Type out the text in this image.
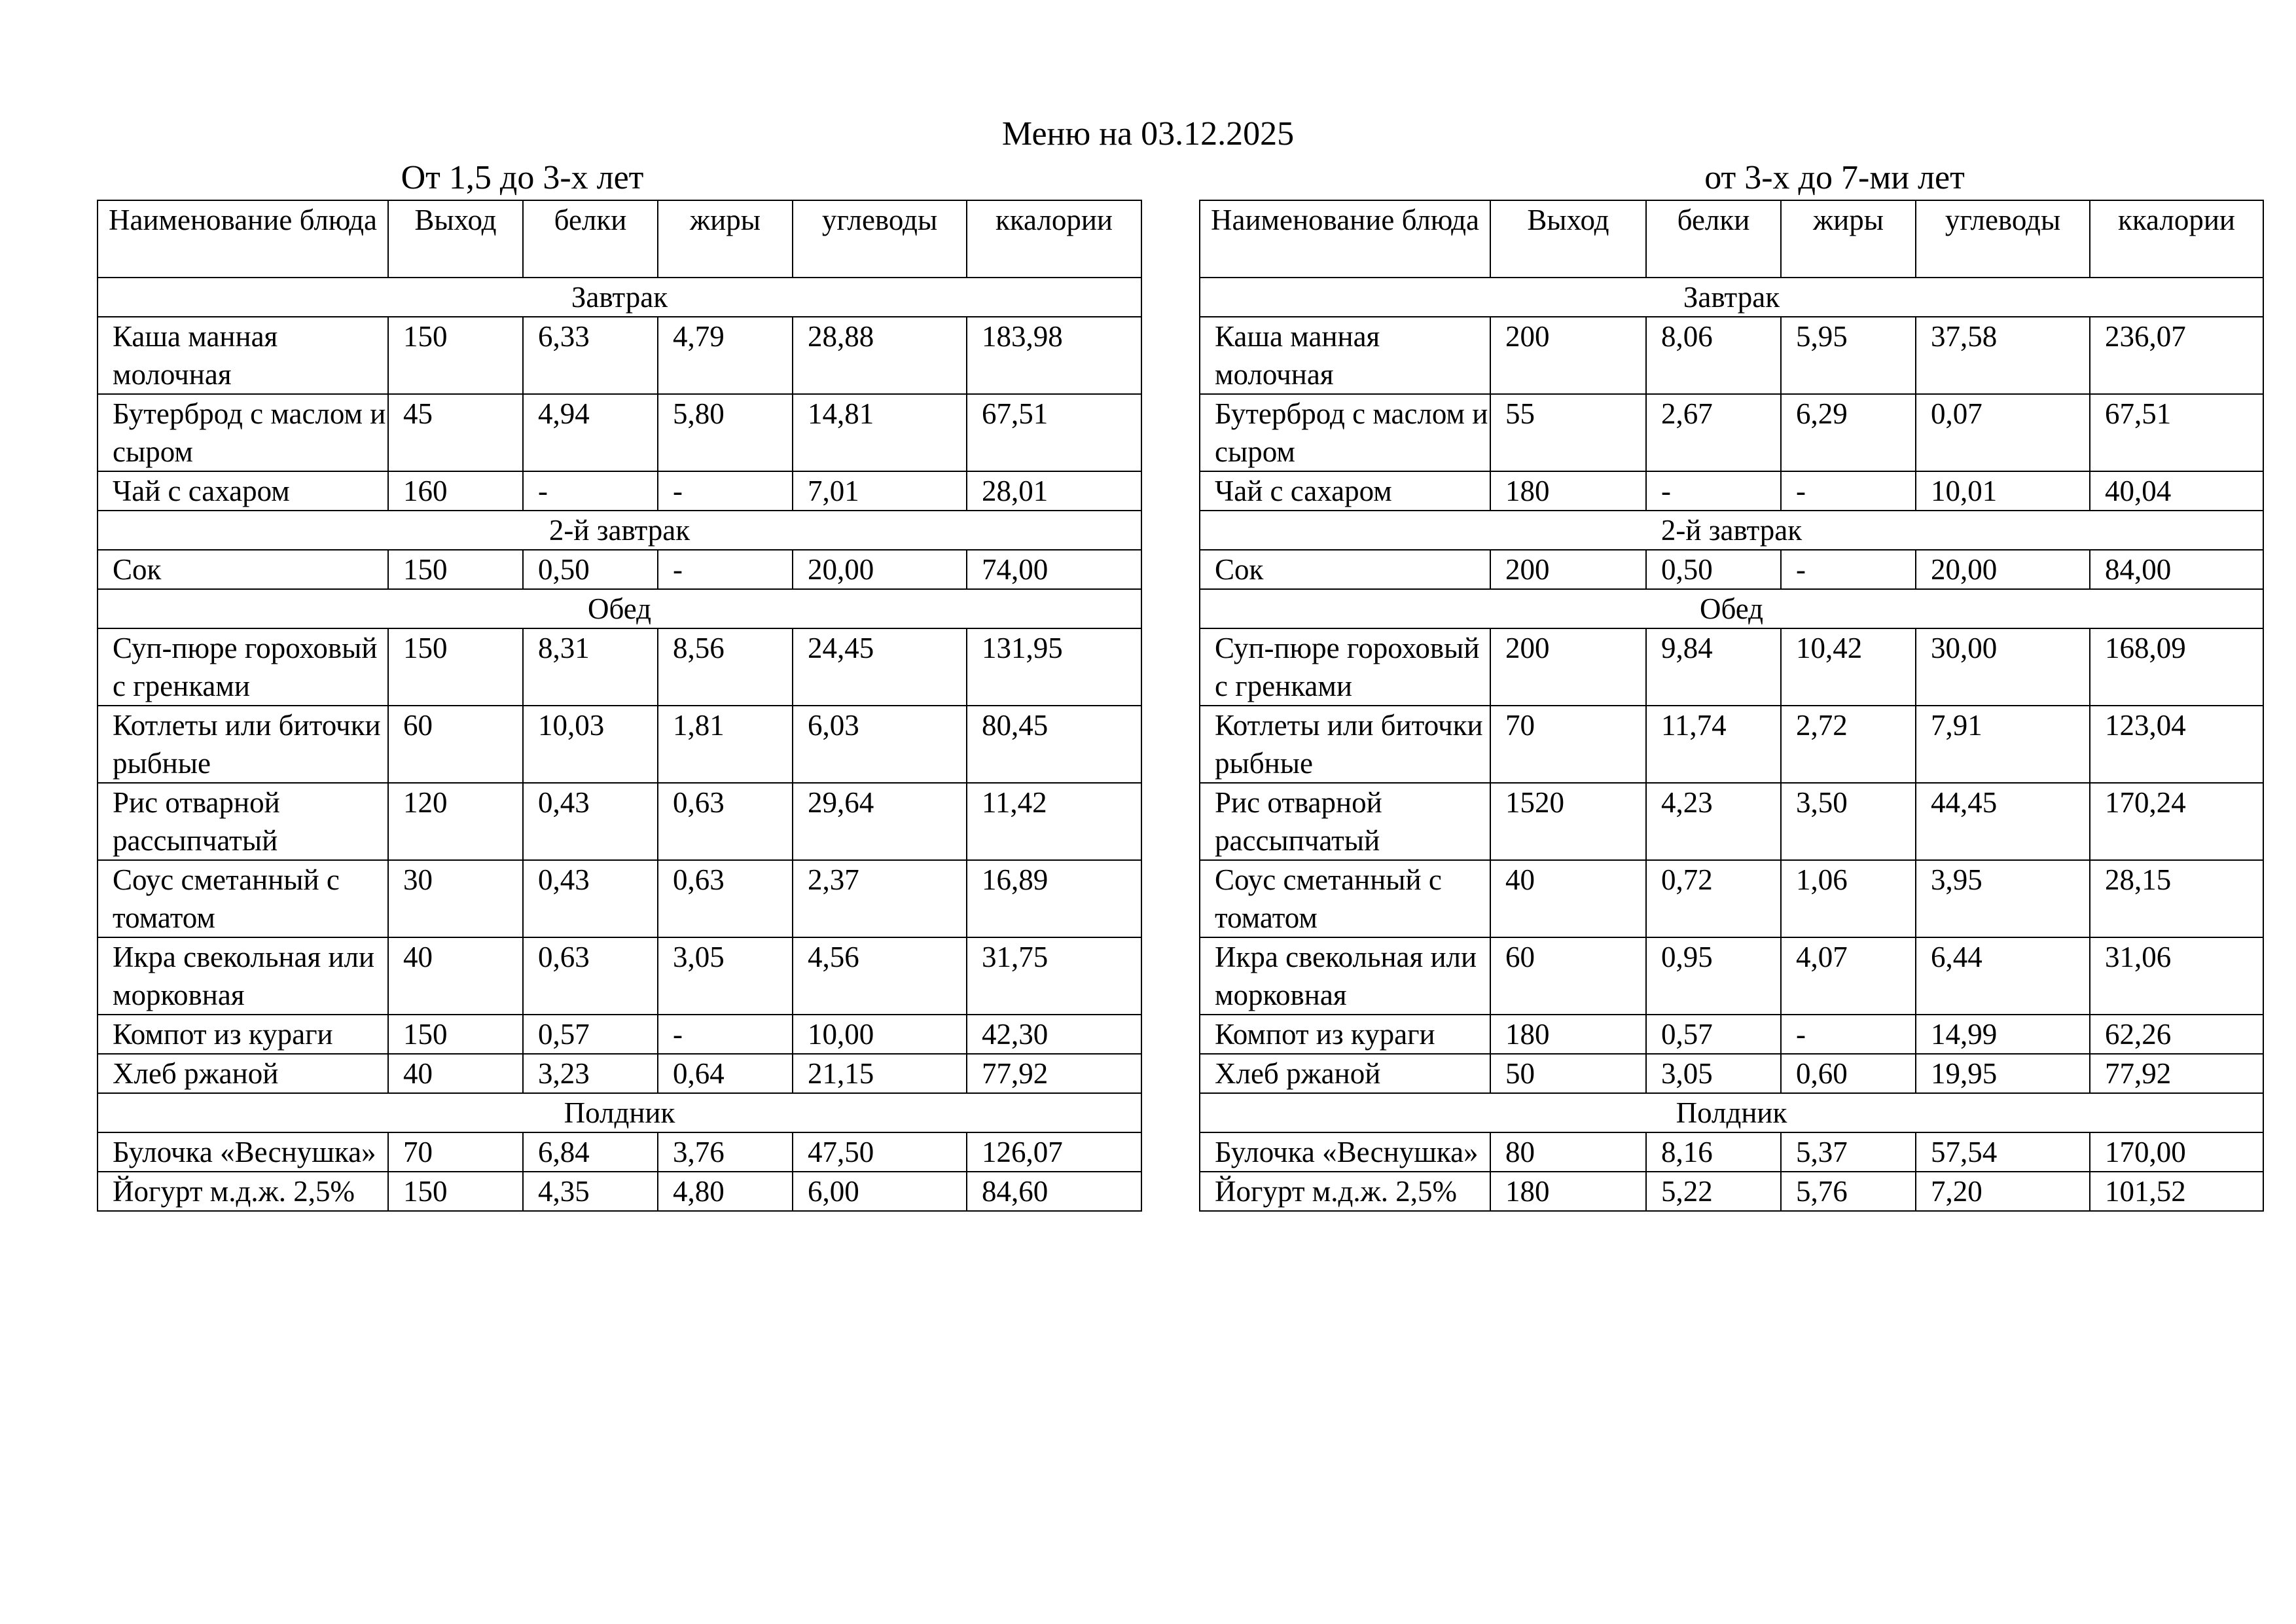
Меню на 03.12.2025
От 1,5 до 3-х лет	от 3-х до 7-ми лет
Наименование блюда	Выход	белки	жиры	углеводы	ккалории
Завтрак					
Каша манная молочная	150	6,33	4,79	28,88	183,98
Бутерброд с маслом и сыром	45	4,94	5,80	14,81	67,51
Чай с сахаром	160	-	-	7,01	28,01
2-й завтрак					
Сок	150	0,50	-	20,00	74,00
Обед					
Суп-пюре гороховый с гренками	150	8,31	8,56	24,45	131,95
Котлеты или биточки рыбные	60	10,03	1,81	6,03	80,45
Рис отварной рассыпчатый	120	0,43	0,63	29,64	11,42
Соус сметанный с томатом	30	0,43	0,63	2,37	16,89
Икра свекольная или морковная	40	0,63	3,05	4,56	31,75
Компот из кураги	150	0,57	-	10,00	42,30
Хлеб ржаной	40	3,23	0,64	21,15	77,92
Полдник					
Булочка «Веснушка»	70	6,84	3,76	47,50	126,07
Йогурт м.д.ж. 2,5%	150	4,35	4,80	6,00	84,60
Наименование блюда	Выход	белки	жиры	углеводы	ккалории
Завтрак					
Каша манная молочная	200	8,06	5,95	37,58	236,07
Бутерброд с маслом и сыром	55	2,67	6,29	0,07	67,51
Чай с сахаром	180	-	-	10,01	40,04
2-й завтрак					
Сок	200	0,50	-	20,00	84,00
Обед					
Суп-пюре гороховый с гренками	200	9,84	10,42	30,00	168,09
Котлеты или биточки рыбные	70	11,74	2,72	7,91	123,04
Рис отварной рассыпчатый	1520	4,23	3,50	44,45	170,24
Соус сметанный с томатом	40	0,72	1,06	3,95	28,15
Икра свекольная или морковная	60	0,95	4,07	6,44	31,06
Компот из кураги	180	0,57	-	14,99	62,26
Хлеб ржаной	50	3,05	0,60	19,95	77,92
Полдник					
Булочка «Веснушка»	80	8,16	5,37	57,54	170,00
Йогурт м.д.ж. 2,5%	180	5,22	5,76	7,20	101,52
